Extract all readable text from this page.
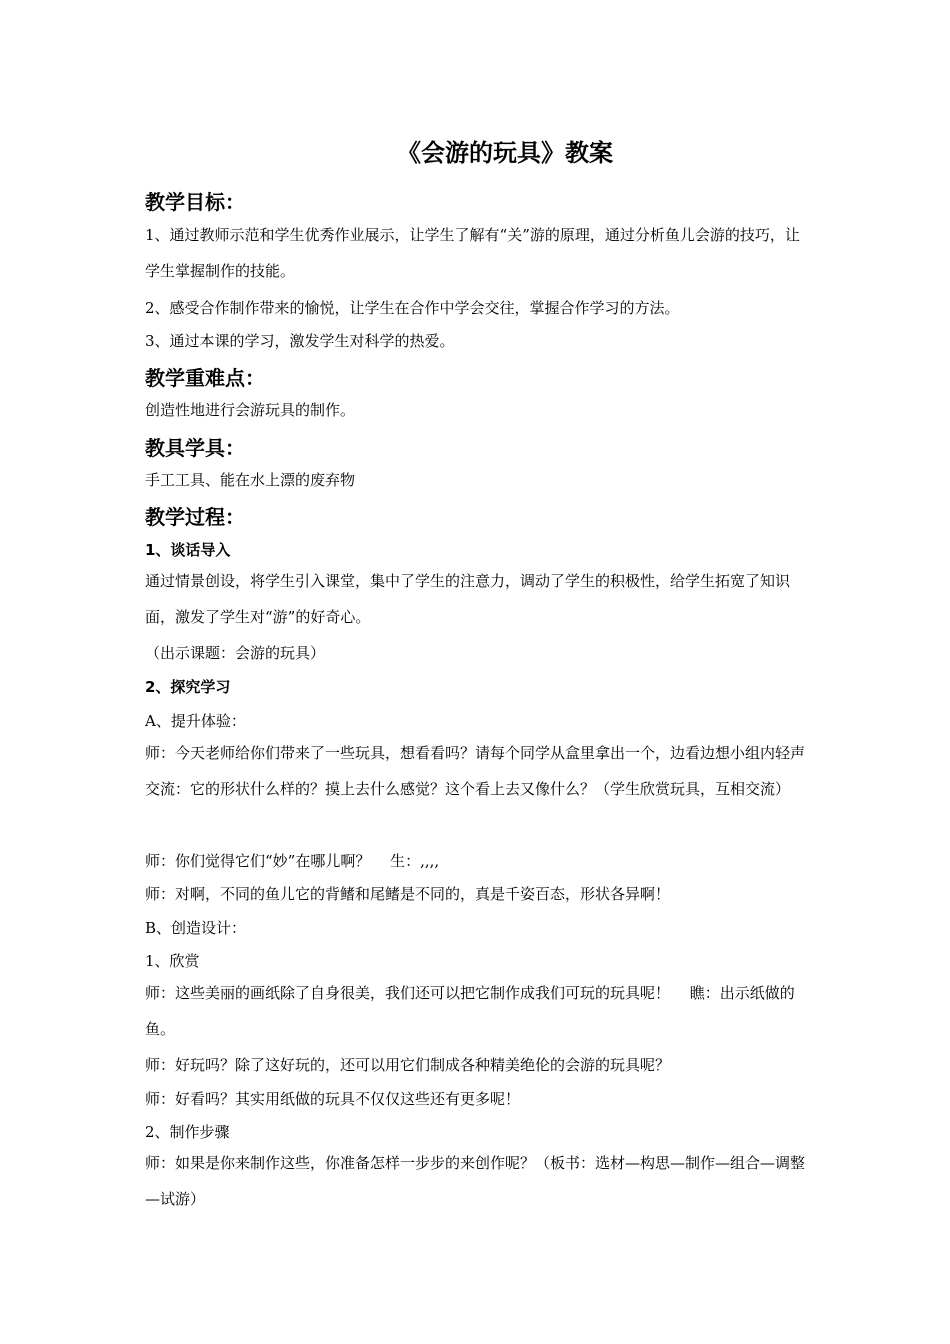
《会游的玩具》教案
教学目标：
1、通过教师示范和学生优秀作业展示，让学生了解有“关”游的原理，通过分析鱼儿会游的技巧，让学生掌握制作的技能。
2、感受合作制作带来的愉悦，让学生在合作中学会交往，掌握合作学习的方法。
3、通过本课的学习，激发学生对科学的热爱。
教学重难点：
创造性地进行会游玩具的制作。
教具学具：
手工工具、能在水上漂的废弃物
教学过程：
1、谈话导入
通过情景创设，将学生引入课堂，集中了学生的注意力，调动了学生的积极性，给学生拓宽了知识面，激发了学生对“游”的好奇心。
（出示课题：会游的玩具）
2、探究学习
A、提升体验：
师：今天老师给你们带来了一些玩具，想看看吗？请每个同学从盒里拿出一个，边看边想小组内轻声交流：它的形状什么样的？摸上去什么感觉？这个看上去又像什么？（学生欣赏玩具，互相交流）
师：你们觉得它们“妙”在哪儿啊？　 生：,,,,
师：对啊，不同的鱼儿它的背鳍和尾鳍是不同的，真是千姿百态，形状各异啊！
B、创造设计：
1、欣赏
师：这些美丽的画纸除了自身很美，我们还可以把它制作成我们可玩的玩具呢！　 瞧：出示纸做的鱼。
师：好玩吗？除了这好玩的，还可以用它们制成各种精美绝伦的会游的玩具呢？
师：好看吗？其实用纸做的玩具不仅仅这些还有更多呢！
2、制作步骤
师：如果是你来制作这些，你准备怎样一步步的来创作呢？（板书：选材—构思—制作—组合—调整—试游）
